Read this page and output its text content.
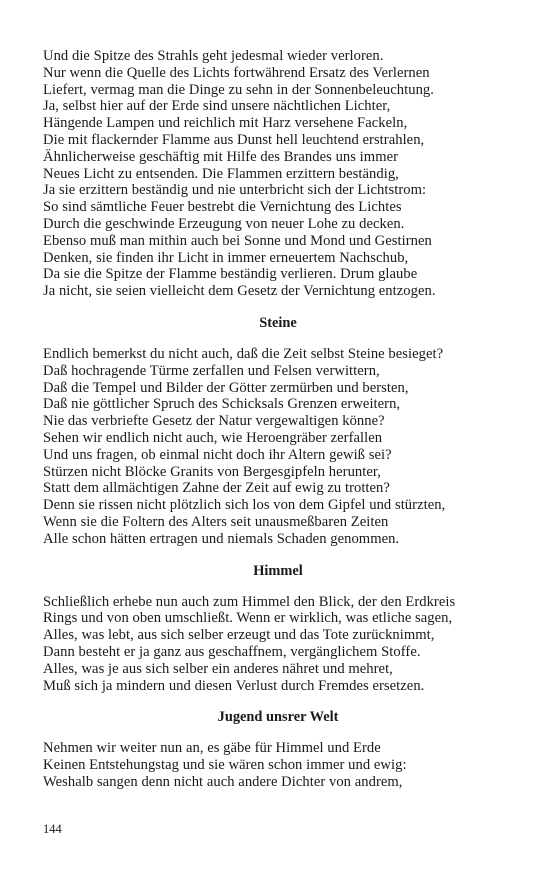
Und die Spitze des Strahls geht jedesmal wieder verloren.
Nur wenn die Quelle des Lichts fortwährend Ersatz des Verlernen
Liefert, vermag man die Dinge zu sehn in der Sonnenbeleuchtung.
Ja, selbst hier auf der Erde sind unsere nächtlichen Lichter,
Hängende Lampen und reichlich mit Harz versehene Fackeln,
Die mit flackernder Flamme aus Dunst hell leuchtend erstrahlen,
Ähnlicherweise geschäftig mit Hilfe des Brandes uns immer
Neues Licht zu entsenden. Die Flammen erzittern beständig,
Ja sie erzittern beständig und nie unterbricht sich der Lichtstrom:
So sind sämtliche Feuer bestrebt die Vernichtung des Lichtes
Durch die geschwinde Erzeugung von neuer Lohe zu decken.
Ebenso muß man mithin auch bei Sonne und Mond und Gestirnen
Denken, sie finden ihr Licht in immer erneuertem Nachschub,
Da sie die Spitze der Flamme beständig verlieren. Drum glaube
Ja nicht, sie seien vielleicht dem Gesetz der Vernichtung entzogen.
Steine
Endlich bemerkst du nicht auch, daß die Zeit selbst Steine besieget?
Daß hochragende Türme zerfallen und Felsen verwittern,
Daß die Tempel und Bilder der Götter zermürben und bersten,
Daß nie göttlicher Spruch des Schicksals Grenzen erweitern,
Nie das verbriefte Gesetz der Natur vergewaltigen könne?
Sehen wir endlich nicht auch, wie Heroengräber zerfallen
Und uns fragen, ob einmal nicht doch ihr Altern gewiß sei?
Stürzen nicht Blöcke Granits von Bergesgipfeln herunter,
Statt dem allmächtigen Zahne der Zeit auf ewig zu trotten?
Denn sie rissen nicht plötzlich sich los von dem Gipfel und stürzten,
Wenn sie die Foltern des Alters seit unausmeßbaren Zeiten
Alle schon hätten ertragen und niemals Schaden genommen.
Himmel
Schließlich erhebe nun auch zum Himmel den Blick, der den Erdkreis
Rings und von oben umschließt. Wenn er wirklich, was etliche sagen,
Alles, was lebt, aus sich selber erzeugt und das Tote zurücknimmt,
Dann besteht er ja ganz aus geschaffnem, vergänglichem Stoffe.
Alles, was je aus sich selber ein anderes nähret und mehret,
Muß sich ja mindern und diesen Verlust durch Fremdes ersetzen.
Jugend unsrer Welt
Nehmen wir weiter nun an, es gäbe für Himmel und Erde
Keinen Entstehungstag und sie wären schon immer und ewig:
Weshalb sangen denn nicht auch andere Dichter von andrem,
144
